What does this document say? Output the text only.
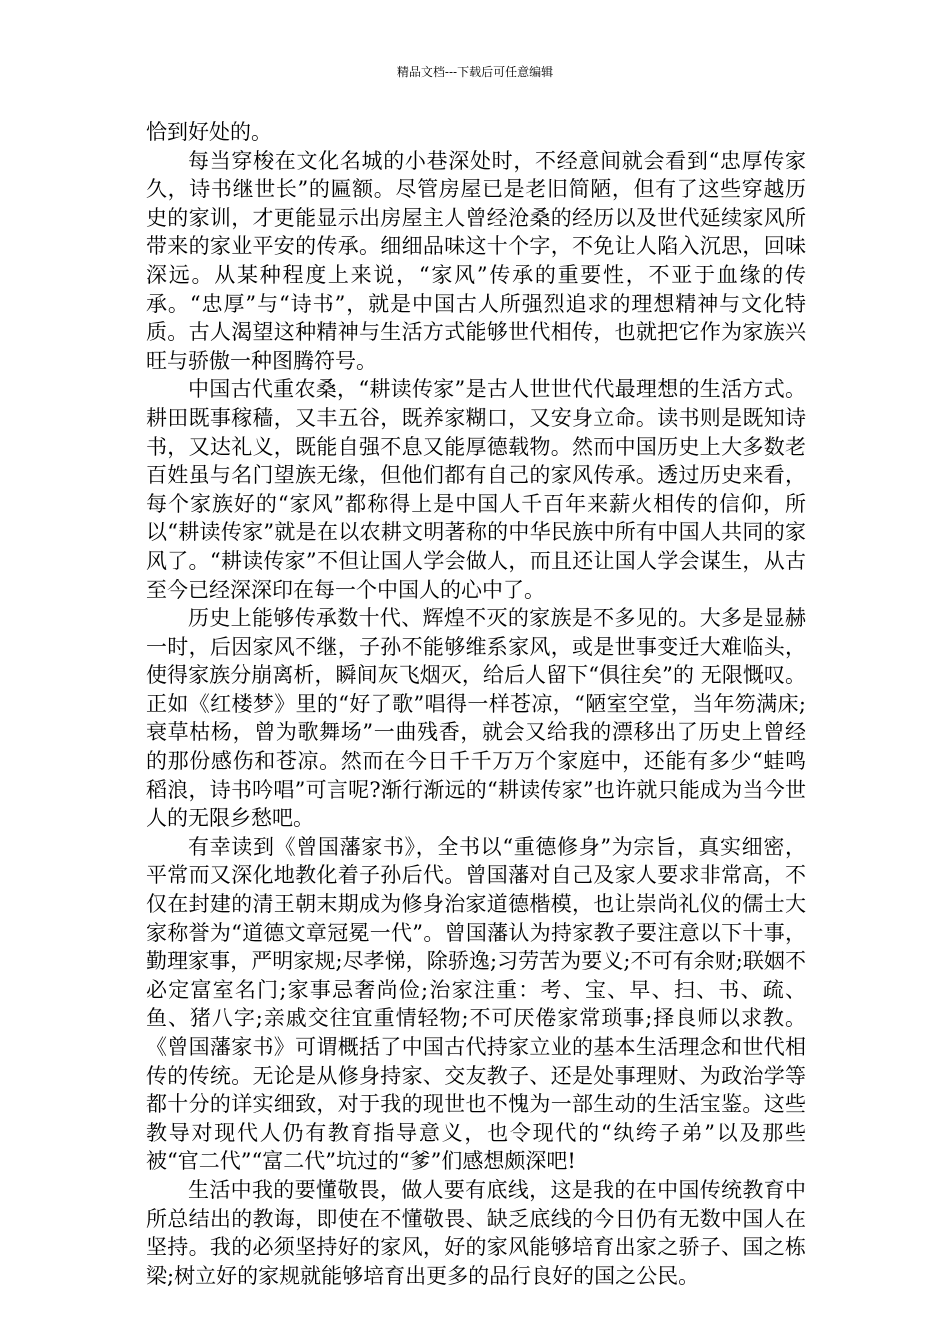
精品文档---下载后可任意编辑

恰到好处的。

每当穿梭在文化名城的小巷深处时，不经意间就会看到“忠厚传家久，诗书继世长”的匾额。尽管房屋已是老旧简陋，但有了这些穿越历史的家训，才更能显示出房屋主人曾经沧桑的经历以及世代延续家风所带来的家业平安的传承。细细品味这十个字，不免让人陷入沉思，回味深远。从某种程度上来说，“家风”传承的重要性，不亚于血缘的传承。“忠厚”与“诗书”，就是中国古人所强烈追求的理想精神与文化特质。古人渴望这种精神与生活方式能够世代相传，也就把它作为家族兴旺与骄傲一种图腾符号。

中国古代重农桑，“耕读传家”是古人世世代代最理想的生活方式。耕田既事稼穑，又丰五谷，既养家糊口，又安身立命。读书则是既知诗书，又达礼义，既能自强不息又能厚德载物。然而中国历史上大多数老百姓虽与名门望族无缘，但他们都有自己的家风传承。透过历史来看，每个家族好的“家风”都称得上是中国人千百年来薪火相传的信仰，所以“耕读传家”就是在以农耕文明著称的中华民族中所有中国人共同的家风了。“耕读传家”不但让国人学会做人，而且还让国人学会谋生，从古至今已经深深印在每一个中国人的心中了。

历史上能够传承数十代、辉煌不灭的家族是不多见的。大多是显赫一时，后因家风不继，子孙不能够维系家风，或是世事变迁大难临头，使得家族分崩离析，瞬间灰飞烟灭，给后人留下“俱往矣”的 无限慨叹。正如《红楼梦》里的“好了歌”唱得一样苍凉，“陋室空堂，当年笏满床;衰草枯杨，曾为歌舞场”一曲残香，就会又给我的漂移出了历史上曾经的那份感伤和苍凉。然而在今日千千万万个家庭中，还能有多少“蛙鸣稻浪，诗书吟唱”可言呢?渐行渐远的“耕读传家”也许就只能成为当今世人的无限乡愁吧。

有幸读到《曾国藩家书》，全书以“重德修身”为宗旨，真实细密，平常而又深化地教化着子孙后代。曾国藩对自己及家人要求非常高，不仅在封建的清王朝末期成为修身治家道德楷模，也让崇尚礼仪的儒士大家称誉为“道德文章冠冕一代”。曾国藩认为持家教子要注意以下十事，勤理家事，严明家规;尽孝悌，除骄逸;习劳苦为要义;不可有余财;联姻不必定富室名门;家事忌奢尚俭;治家注重：考、宝、早、扫、书、疏、鱼、猪八字;亲戚交往宜重情轻物;不可厌倦家常琐事;择良师以求教。《曾国藩家书》可谓概括了中国古代持家立业的基本生活理念和世代相传的传统。无论是从修身持家、交友教子、还是处事理财、为政治学等都十分的详实细致，对于我的现世也不愧为一部生动的生活宝鉴。这些教导对现代人仍有教育指导意义，也令现代的“纨绔子弟”以及那些被“官二代”“富二代”坑过的“爹”们感想颇深吧!

生活中我的要懂敬畏，做人要有底线，这是我的在中国传统教育中所总结出的教诲，即使在不懂敬畏、缺乏底线的今日仍有无数中国人在坚持。我的必须坚持好的家风，好的家风能够培育出家之骄子、国之栋梁;树立好的家规就能够培育出更多的品行良好的国之公民。
